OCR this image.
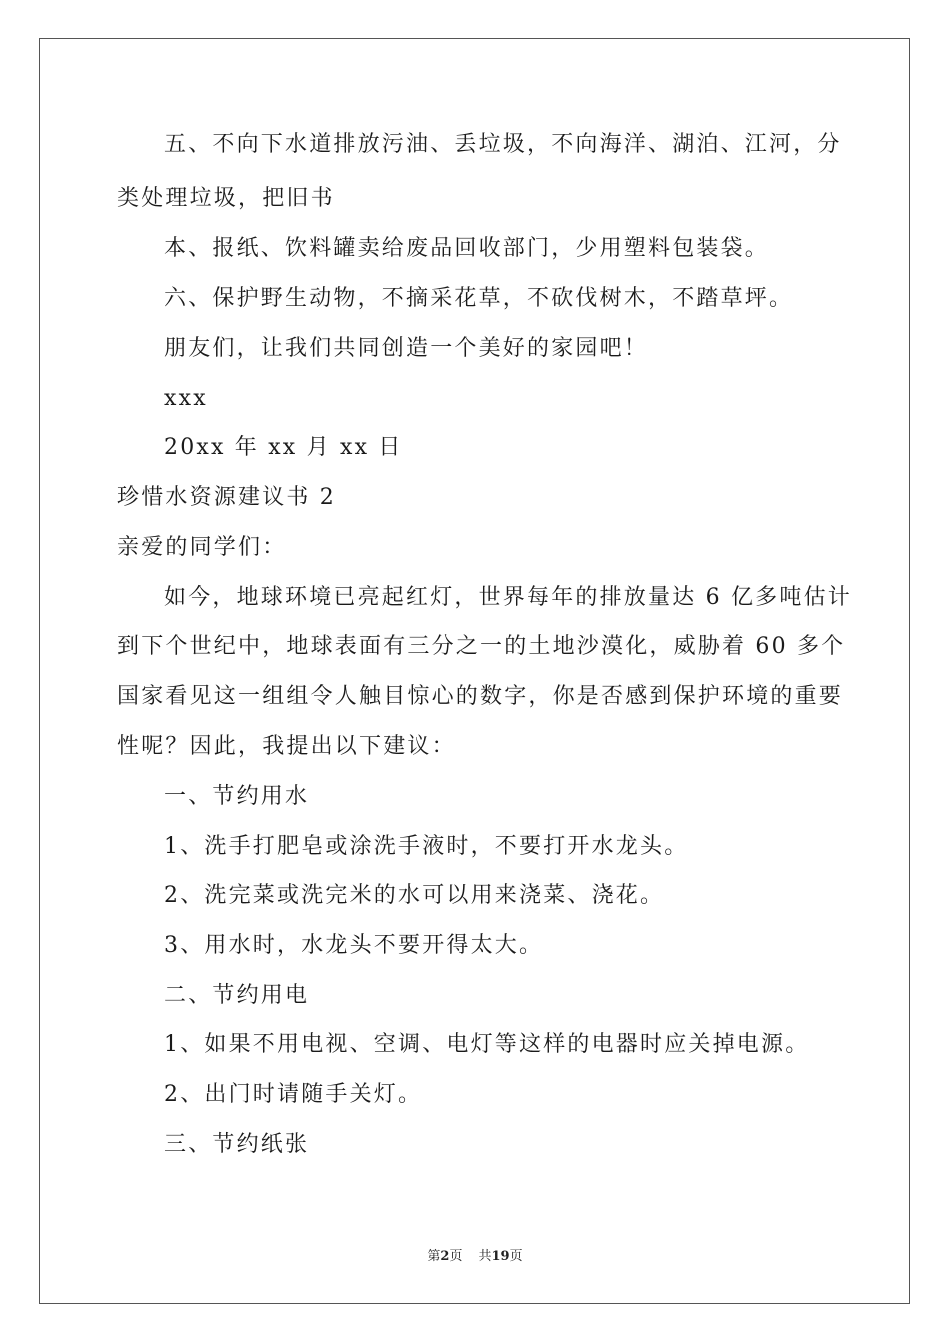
五、不向下水道排放污油、丢垃圾，不向海洋、湖泊、江河，分
类处理垃圾，把旧书
本、报纸、饮料罐卖给废品回收部门，少用塑料包装袋。
六、保护野生动物，不摘采花草，不砍伐树木，不踏草坪。
朋友们，让我们共同创造一个美好的家园吧！
xxx
20xx 年 xx 月 xx 日
珍惜水资源建议书 2
亲爱的同学们：
如今，地球环境已亮起红灯，世界每年的排放量达 6 亿多吨估计
到下个世纪中，地球表面有三分之一的土地沙漠化，威胁着 60 多个
国家看见这一组组令人触目惊心的数字，你是否感到保护环境的重要
性呢？因此，我提出以下建议：
一、节约用水
1、洗手打肥皂或涂洗手液时，不要打开水龙头。
2、洗完菜或洗完米的水可以用来浇菜、浇花。
3、用水时，水龙头不要开得太大。
二、节约用电
1、如果不用电视、空调、电灯等这样的电器时应关掉电源。
2、出门时请随手关灯。
三、节约纸张
第2页 共19页
